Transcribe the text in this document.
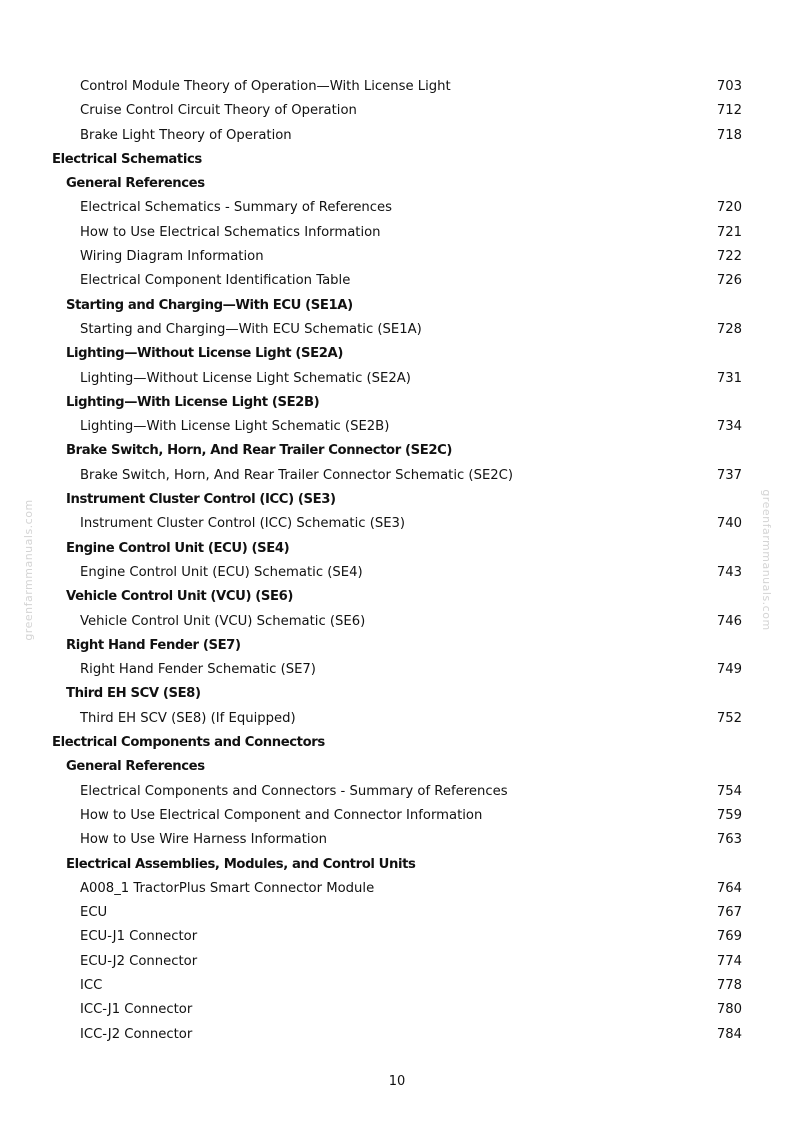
Control Module Theory of Operation—With License Light	703
Cruise Control Circuit Theory of Operation	712
Brake Light Theory of Operation	718
Electrical Schematics
General References
Electrical Schematics - Summary of References	720
How to Use Electrical Schematics Information	721
Wiring Diagram Information	722
Electrical Component Identification Table	726
Starting and Charging—With ECU (SE1A)
Starting and Charging—With ECU Schematic (SE1A)	728
Lighting—Without License Light (SE2A)
Lighting—Without License Light Schematic (SE2A)	731
Lighting—With License Light (SE2B)
Lighting—With License Light Schematic (SE2B)	734
Brake Switch, Horn, And Rear Trailer Connector (SE2C)
Brake Switch, Horn, And Rear Trailer Connector Schematic (SE2C)	737
Instrument Cluster Control (ICC) (SE3)
Instrument Cluster Control (ICC) Schematic (SE3)	740
Engine Control Unit (ECU) (SE4)
Engine Control Unit (ECU) Schematic (SE4)	743
Vehicle Control Unit (VCU) (SE6)
Vehicle Control Unit (VCU) Schematic (SE6)	746
Right Hand Fender (SE7)
Right Hand Fender Schematic (SE7)	749
Third EH SCV (SE8)
Third EH SCV (SE8) (If Equipped)	752
Electrical Components and Connectors
General References
Electrical Components and Connectors - Summary of References	754
How to Use Electrical Component and Connector Information	759
How to Use Wire Harness Information	763
Electrical Assemblies, Modules, and Control Units
A008_1 TractorPlus Smart Connector Module	764
ECU	767
ECU-J1 Connector	769
ECU-J2 Connector	774
ICC	778
ICC-J1 Connector	780
ICC-J2 Connector	784
10
greenfarmmanuals.com	greenfarmmanuals.com
